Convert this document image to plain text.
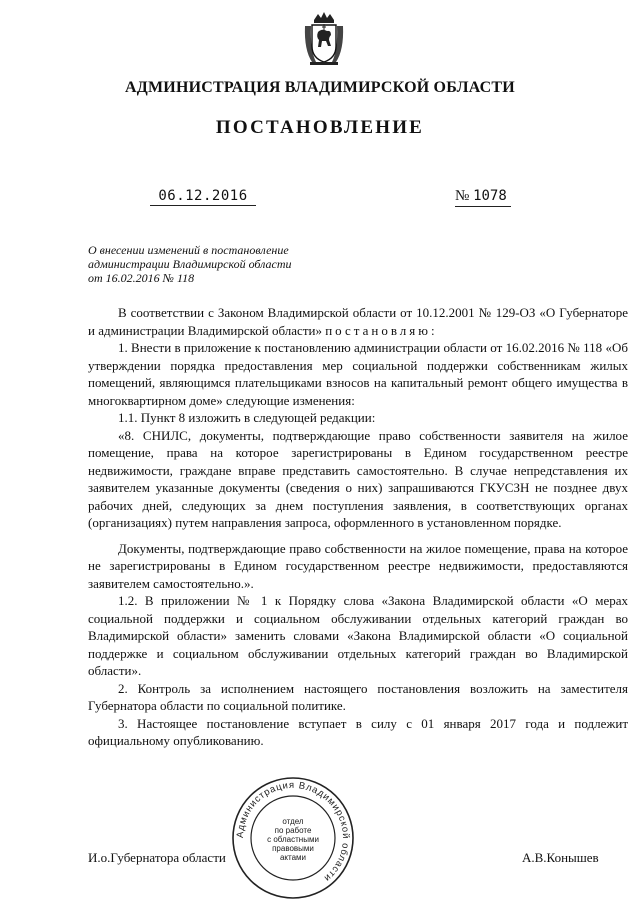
АДМИНИСТРАЦИЯ ВЛАДИМИРСКОЙ ОБЛАСТИ
ПОСТАНОВЛЕНИЕ
06.12.2016	№ 1078
О внесении изменений в постановление
администрации Владимирской области
от 16.02.2016 № 118

В соответствии с Законом Владимирской области от 10.12.2001 № 129-ОЗ «О Губернаторе и администрации Владимирской области» постановляю:

1. Внести в приложение к постановлению администрации области от 16.02.2016 № 118 «Об утверждении порядка предоставления мер социальной поддержки собственникам жилых помещений, являющимся плательщиками взносов на капитальный ремонт общего имущества в многоквартирном доме» следующие изменения:

1.1. Пункт 8 изложить в следующей редакции:

«8. СНИЛС, документы, подтверждающие право собственности заявителя на жилое помещение, права на которое зарегистрированы в Едином государственном реестре недвижимости, граждане вправе представить самостоятельно. В случае непредставления их заявителем указанные документы (сведения о них) запрашиваются ГКУСЗН не позднее двух рабочих дней, следующих за днем поступления заявления, в соответствующих органах (организациях) путем направления запроса, оформленного в установленном порядке.

Документы, подтверждающие право собственности на жилое помещение, права на которое не зарегистрированы в Едином государственном реестре недвижимости, предоставляются заявителем самостоятельно.».

1.2. В приложении № 1 к Порядку слова «Закона Владимирской области «О мерах социальной поддержки и социальном обслуживании отдельных категорий граждан во Владимирской области» заменить словами «Закона Владимирской области «О социальной поддержке и социальном обслуживании отдельных категорий граждан во Владимирской области».

2. Контроль за исполнением настоящего постановления возложить на заместителя Губернатора области по социальной политике.

3. Настоящее постановление вступает в силу с 01 января 2017 года и подлежит официальному опубликованию.

И.о.Губернатора области	А.В.Конышев
Администрация Владимирской области
отдел
по работе
с областными
правовыми
актами
